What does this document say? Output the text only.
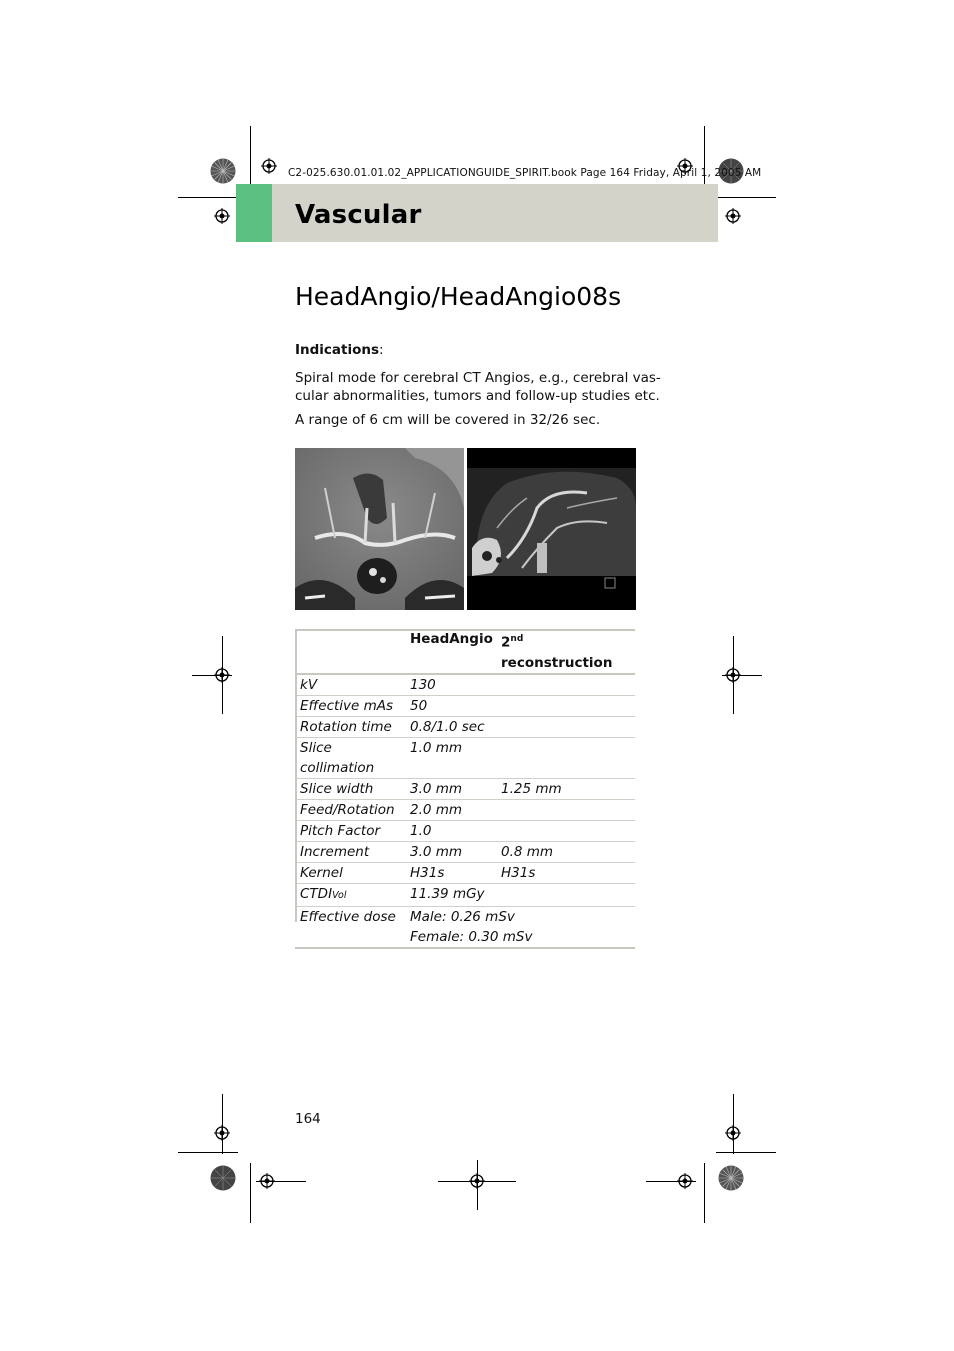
C2-025.630.01.01.02_APPLICATIONGUIDE_SPIRIT.book Page 164 Friday, April 1, 2005 AM
Vascular
HeadAngio/HeadAngio08s
Indications:
Spiral mode for cerebral CT Angios, e.g., cerebral vas-
cular abnormalities, tumors and follow-up studies etc.
A range of 6 cm will be covered in 32/26 sec.
	HeadAngio	2nd reconstruction
kV	130	
Effective mAs	50	
Rotation time	0.8/1.0 sec	

Slice
collimation	1.0 mm	
Slice width	3.0 mm	1.25 mm
Feed/Rotation	2.0 mm	
Pitch Factor	1.0	
Increment	3.0 mm	0.8 mm
Kernel	H31s	H31s
CTDIVol	11.39 mGy	
Effective dose	Male: 0.26 mSv
Female: 0.30 mSv	
164
